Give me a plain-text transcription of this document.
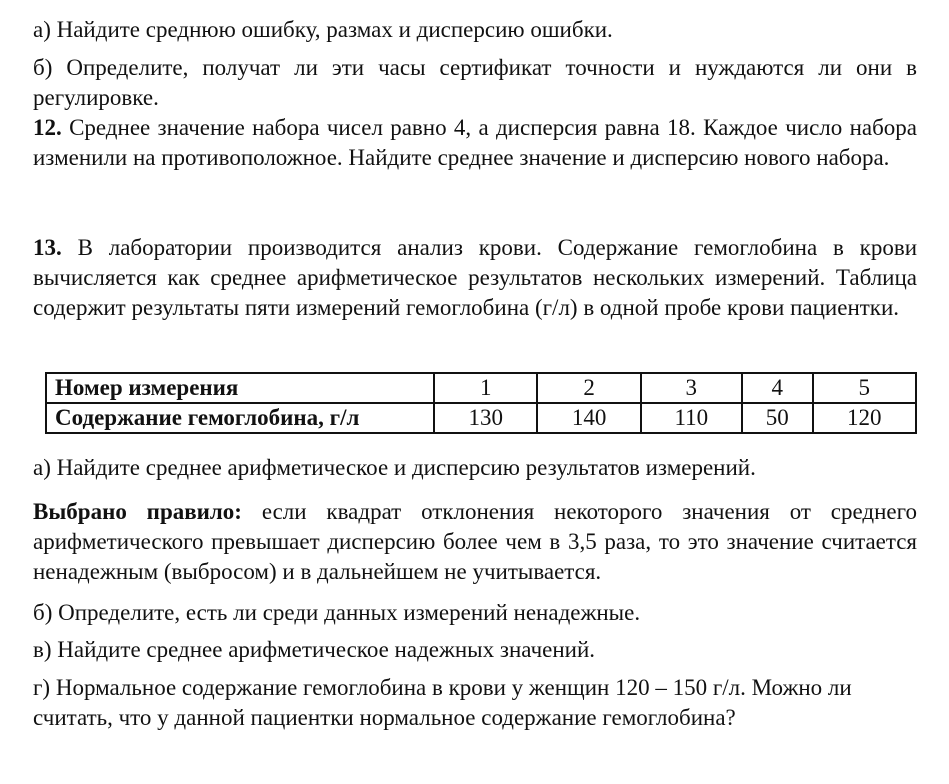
а) Найдите среднюю ошибку, размах и дисперсию ошибки.

б) Определите, получат ли эти часы сертификат точности и нуждаются ли они в регулировке.

12. Среднее значение набора чисел равно 4, а дисперсия равна 18. Каждое число набора изменили на противоположное. Найдите среднее значение и дисперсию нового набора.

13. В лаборатории производится анализ крови. Содержание гемоглобина в крови вычисляется как среднее арифметическое результатов нескольких измерений. Таблица содержит результаты пяти измерений гемоглобина (г/л) в одной пробе крови пациентки.

Номер измерения	1	2	3	4	5
Содержание гемоглобина, г/л	130	140	110	50	120

а) Найдите среднее арифметическое и дисперсию результатов измерений.

Выбрано правило: если квадрат отклонения некоторого значения от среднего арифметического превышает дисперсию более чем в 3,5 раза, то это значение считается ненадежным (выбросом) и в дальнейшем не учитывается.

б) Определите, есть ли среди данных измерений ненадежные.

в) Найдите среднее арифметическое надежных значений.

г) Нормальное содержание гемоглобина в крови у женщин 120 – 150 г/л. Можно ли считать, что у данной пациентки нормальное содержание гемоглобина?
